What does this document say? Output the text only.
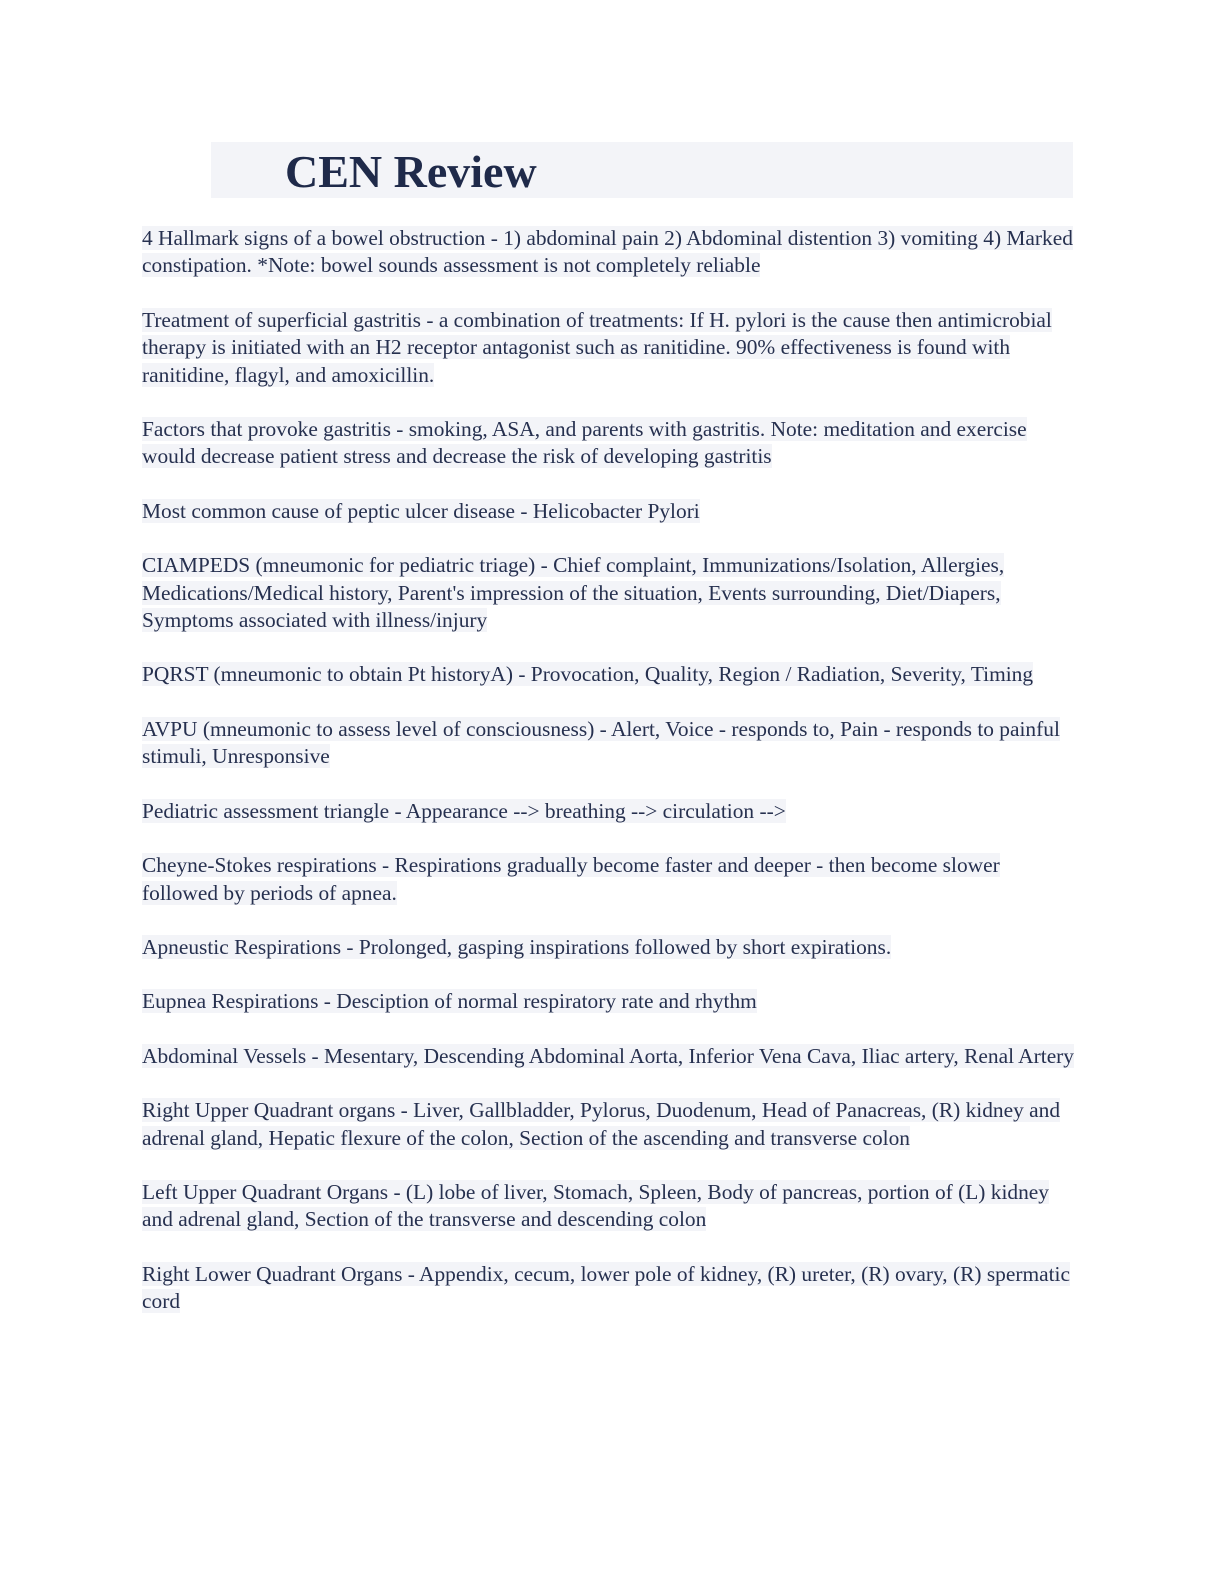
CEN Review
4 Hallmark signs of a bowel obstruction - 1) abdominal pain 2) Abdominal distention 3) vomiting 4) Marked constipation. *Note: bowel sounds assessment is not completely reliable
Treatment of superficial gastritis - a combination of treatments: If H. pylori is the cause then antimicrobial therapy is initiated with an H2 receptor antagonist such as ranitidine. 90% effectiveness is found with ranitidine, flagyl, and amoxicillin.
Factors that provoke gastritis - smoking, ASA, and parents with gastritis. Note: meditation and exercise would decrease patient stress and decrease the risk of developing gastritis
Most common cause of peptic ulcer disease - Helicobacter Pylori
CIAMPEDS (mneumonic for pediatric triage) - Chief complaint, Immunizations/Isolation, Allergies, Medications/Medical history, Parent's impression of the situation, Events surrounding, Diet/Diapers, Symptoms associated with illness/injury
PQRST (mneumonic to obtain Pt historyA) - Provocation, Quality, Region / Radiation, Severity, Timing
AVPU (mneumonic to assess level of consciousness) - Alert, Voice - responds to, Pain - responds to painful stimuli, Unresponsive
Pediatric assessment triangle - Appearance --> breathing --> circulation -->
Cheyne-Stokes respirations - Respirations gradually become faster and deeper - then become slower followed by periods of apnea.
Apneustic Respirations - Prolonged, gasping inspirations followed by short expirations.
Eupnea Respirations - Desciption of normal respiratory rate and rhythm
Abdominal Vessels - Mesentary, Descending Abdominal Aorta, Inferior Vena Cava, Iliac artery, Renal Artery
Right Upper Quadrant organs - Liver, Gallbladder, Pylorus, Duodenum, Head of Panacreas, (R) kidney and adrenal gland, Hepatic flexure of the colon, Section of the ascending and transverse colon
Left Upper Quadrant Organs - (L) lobe of liver, Stomach, Spleen, Body of pancreas, portion of (L) kidney and adrenal gland, Section of the transverse and descending colon
Right Lower Quadrant Organs - Appendix, cecum, lower pole of kidney, (R) ureter, (R) ovary, (R) spermatic cord
